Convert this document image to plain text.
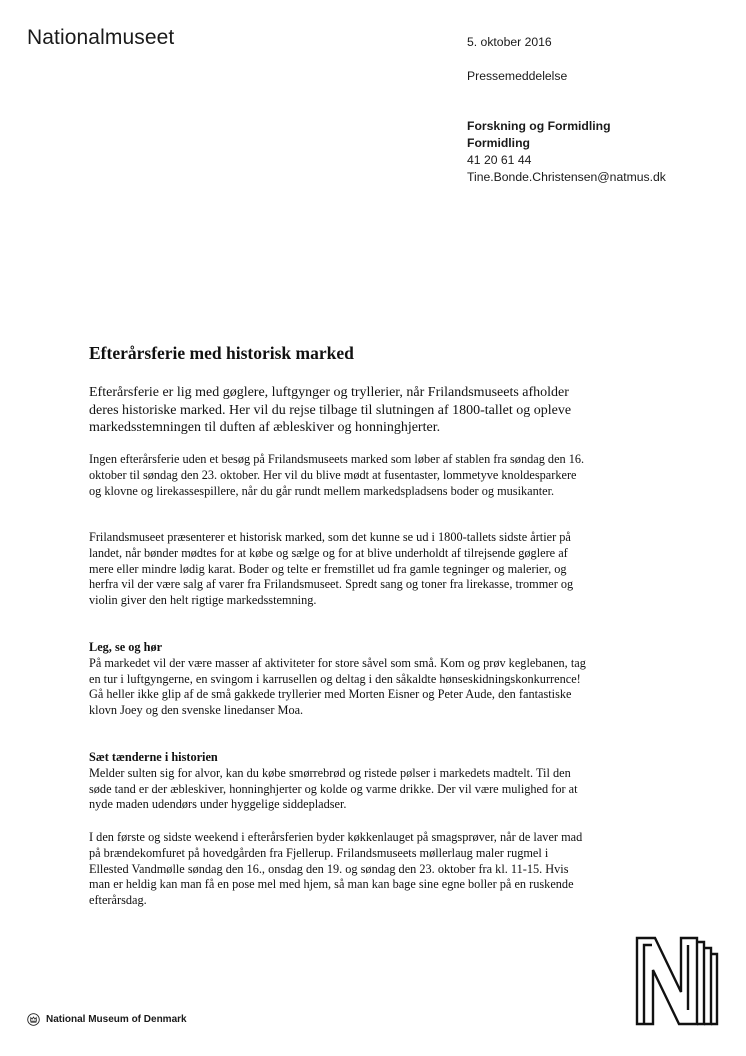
Nationalmuseet	5. oktober 2016
Pressemeddelelse
Forskning og Formidling
Formidling
41 20 61 44
Tine.Bonde.Christensen@natmus.dk
Efterårsferie med historisk marked

Efterårsferie er lig med gøglere, luftgynger og tryllerier, når Frilandsmuseets afholder deres historiske marked. Her vil du rejse tilbage til slutningen af 1800-tallet og opleve markedsstemningen til duften af æbleskiver og honninghjerter.

Ingen efterårsferie uden et besøg på Frilandsmuseets marked som løber af stablen fra søndag den 16. oktober til søndag den 23. oktober. Her vil du blive mødt at fusentaster, lommetyve knoldesparkere og klovne og lirekassespillere, når du går rundt mellem markedspladsens boder og musikanter.

Frilandsmuseet præsenterer et historisk marked, som det kunne se ud i 1800-tallets sidste årtier på landet, når bønder mødtes for at købe og sælge og for at blive underholdt af tilrejsende gøglere af mere eller mindre lødig karat. Boder og telte er fremstillet ud fra gamle tegninger og malerier, og herfra vil der være salg af varer fra Frilandsmuseet. Spredt sang og toner fra lirekasse, trommer og violin giver den helt rigtige markedsstemning.

Leg, se og hør
På markedet vil der være masser af aktiviteter for store såvel som små. Kom og prøv keglebanen, tag en tur i luftgyngerne, en svingom i karrusellen og deltag i den såkaldte hønseskidningskonkurrence! Gå heller ikke glip af de små gakkede tryllerier med Morten Eisner og Peter Aude, den fantastiske klovn Joey og den svenske linedanser Moa.
Sæt tænderne i historien
Melder sulten sig for alvor, kan du købe smørrebrød og ristede pølser i markedets madtelt. Til den søde tand er der æbleskiver, honninghjerter og kolde og varme drikke. Der vil være mulighed for at nyde maden udendørs under hyggelige siddepladser.

I den første og sidste weekend i efterårsferien byder køkkenlauget på smagsprøver, når de laver mad på brændekomfuret på hovedgården fra Fjellerup. Frilandsmuseets møllerlaug maler rugmel i Ellested Vandmølle søndag den 16., onsdag den 19. og søndag den 23. oktober fra kl. 11-15. Hvis man er heldig kan man få en pose mel med hjem, så man kan bage sine egne boller på en ruskende efterårsdag.

National Museum of Denmark
